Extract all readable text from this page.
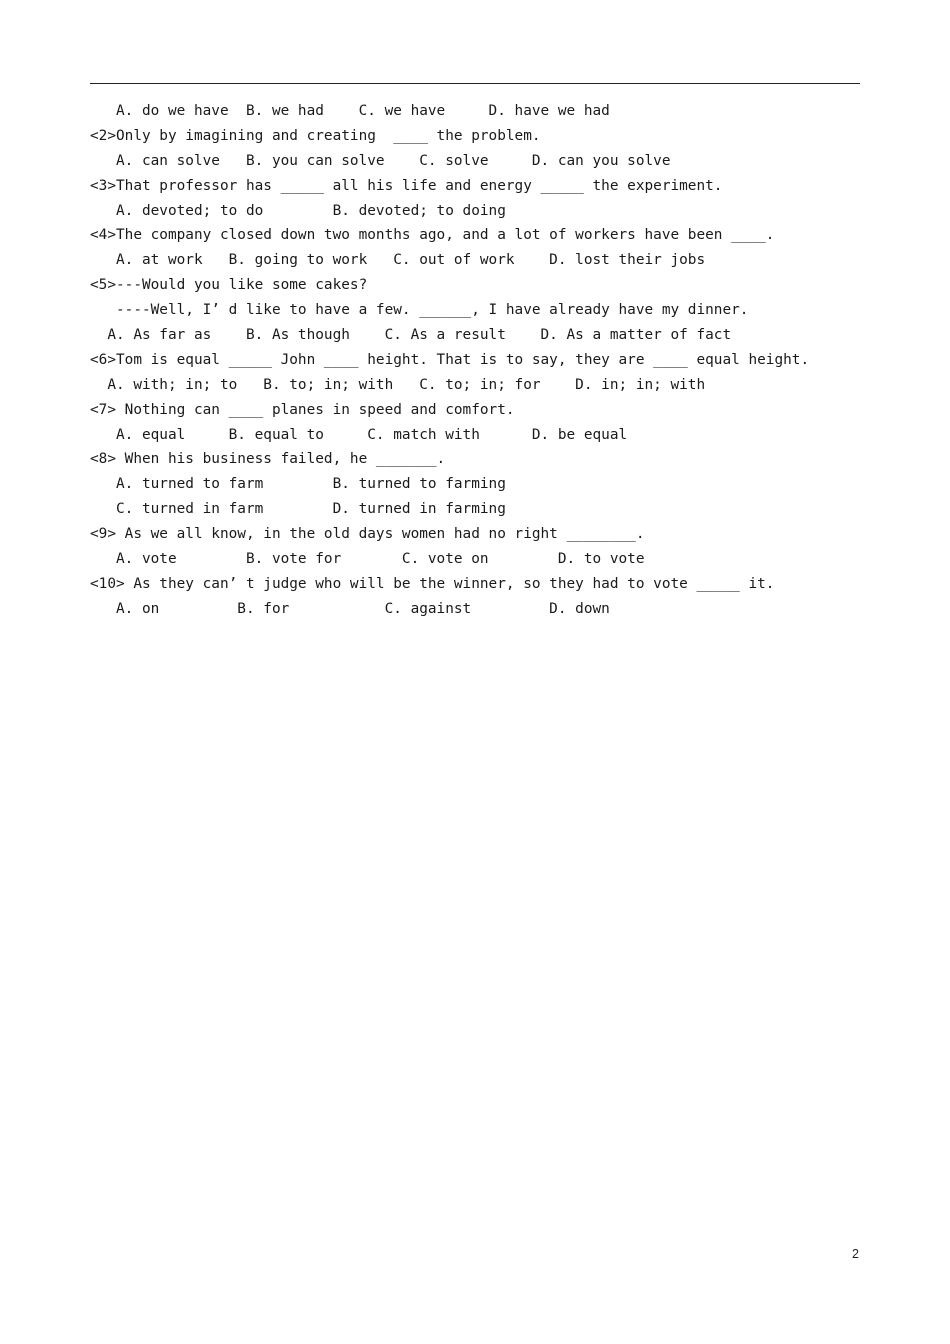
A. do we have  B. we had    C. we have     D. have we had
<2>Only by imagining and creating  ____ the problem.
A. can solve   B. you can solve    C. solve     D. can you solve
<3>That professor has _____ all his life and energy _____ the experiment.
A. devoted; to do        B. devoted; to doing
<4>The company closed down two months ago, and a lot of workers have been ____.
A. at work   B. going to work   C. out of work    D. lost their jobs
<5>---Would you like some cakes?
----Well, I’ d like to have a few. ______, I have already have my dinner.
A. As far as    B. As though    C. As a result    D. As a matter of fact
<6>Tom is equal _____ John ____ height. That is to say, they are ____ equal height.
A. with; in; to   B. to; in; with   C. to; in; for    D. in; in; with
<7> Nothing can ____ planes in speed and comfort.
A. equal     B. equal to     C. match with      D. be equal
<8> When his business failed, he _______.
A. turned to farm        B. turned to farming
C. turned in farm        D. turned in farming
<9> As we all know, in the old days women had no right ________.
A. vote        B. vote for       C. vote on        D. to vote
<10> As they can’ t judge who will be the winner, so they had to vote _____ it.
A. on         B. for           C. against         D. down
2
